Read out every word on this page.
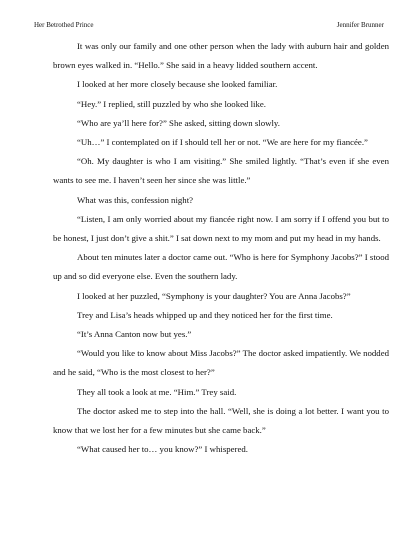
Her Betrothed Prince	Jennifer Brunner

It was only our family and one other person when the lady with auburn hair and golden brown eyes walked in. “Hello.” She said in a heavy lidded southern accent.

I looked at her more closely because she looked familiar.

“Hey.” I replied, still puzzled by who she looked like.

“Who are ya’ll here for?” She asked, sitting down slowly.

“Uh…” I contemplated on if I should tell her or not. “We are here for my fiancée.”

“Oh. My daughter is who I am visiting.” She smiled lightly. “That’s even if she even wants to see me. I haven’t seen her since she was little.”

What was this, confession night?

“Listen, I am only worried about my fiancée right now. I am sorry if I offend you but to be honest, I just don’t give a shit.” I sat down next to my mom and put my head in my hands.

About ten minutes later a doctor came out. “Who is here for Symphony Jacobs?” I stood up and so did everyone else. Even the southern lady.

I looked at her puzzled, “Symphony is your daughter? You are Anna Jacobs?”

Trey and Lisa’s heads whipped up and they noticed her for the first time.

“It’s Anna Canton now but yes.”

“Would you like to know about Miss Jacobs?” The doctor asked impatiently. We nodded and he said, “Who is the most closest to her?”

They all took a look at me. “Him.” Trey said.

The doctor asked me to step into the hall. “Well, she is doing a lot better. I want you to know that we lost her for a few minutes but she came back.”

“What caused her to… you know?” I whispered.
